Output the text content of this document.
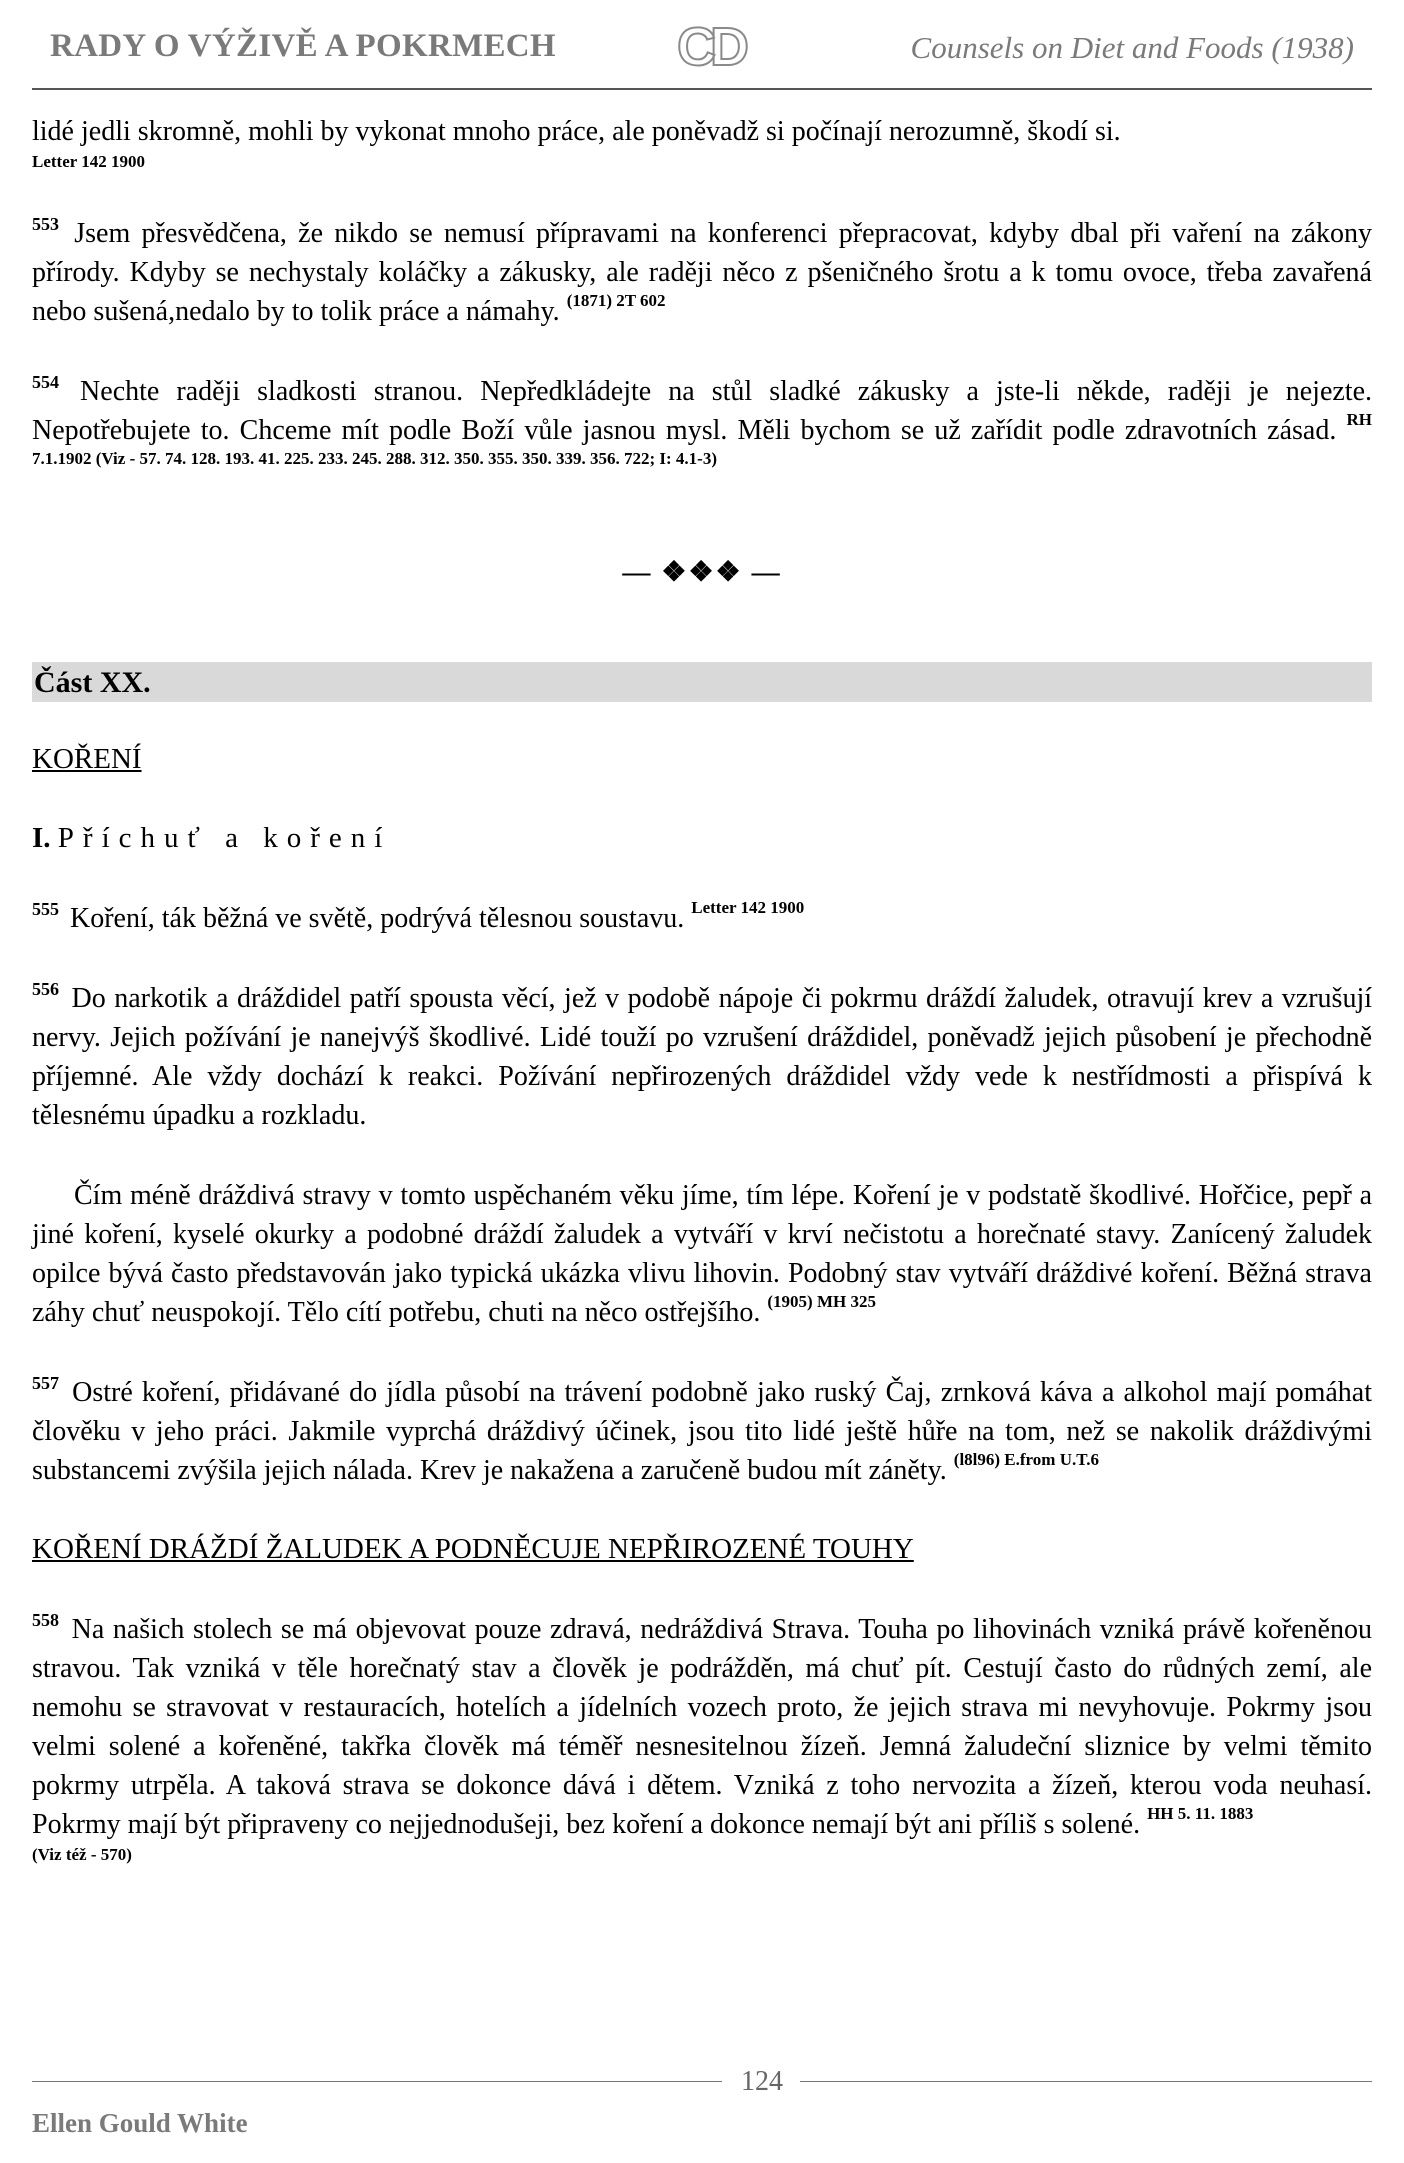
RADY O VÝŽIVĚ A POKRMECH CD	Counsels on Diet and Foods (1938)

lidé jedli skromně, mohli by vykonat mnoho práce, ale poněvadž si počínají nerozumně, škodí si.
Letter 142 1900

$^{553}$ Jsem přesvědčena, že nikdo se nemusí přípravami na konferenci přepracovat, kdyby dbal při vaření na zákony přírody. Kdyby se nechystaly koláčky a zákusky, ale raději něco z pšeničného šrotu a k tomu ovoce, třeba zavařená nebo sušená,nedalo by to tolik práce a námahy. $^{(1871) 2T 602}$

$^{554}$ Nechte raději sladkosti stranou. Nepředkládejte na stůl sladké zákusky a jste-li někde, raději je nejezte. Nepotřebujete to. Chceme mít podle Boží vůle jasnou mysl. Měli bychom se už zařídit podle zdravotních zásad. $^{RH 7.1.1902 (Viz - 57. 74. 128. 193. 41. 225. 233. 245. 288. 312. 350. 355. 350. 339. 356. 722; I: 4.1-3)}$

— ❖❖❖ —
Část XX.
KOŘENÍ
I. Příchuť a koření

$^{555}$ Koření, ták běžná ve světě, podrývá tělesnou soustavu. $^{Letter 142 1900}$

$^{556}$ Do narkotik a dráždidel patří spousta věcí, jež v podobě nápoje či pokrmu dráždí žaludek, otravují krev a vzrušují nervy. Jejich požívání je nanejvýš škodlivé. Lidé touží po vzrušení dráždidel, poněvadž jejich působení je přechodně příjemné. Ale vždy dochází k reakci. Požívání nepřirozených dráždidel vždy vede k nestřídmosti a přispívá k tělesnému úpadku a rozkladu.

Čím méně dráždivá stravy v tomto uspěchaném věku jíme, tím lépe. Koření je v podstatě škodlivé. Hořčice, pepř a jiné koření, kyselé okurky a podobné dráždí žaludek a vytváří v krví nečistotu a horečnaté stavy. Zanícený žaludek opilce bývá často představován jako typická ukázka vlivu lihovin. Podobný stav vytváří dráždivé koření. Běžná strava záhy chuť neuspokojí. Tělo cítí potřebu, chuti na něco ostřejšího. $^{(1905) MH 325}$

$^{557}$ Ostré koření, přidávané do jídla působí na trávení podobně jako ruský Čaj, zrnková káva a alkohol mají pomáhat člověku v jeho práci. Jakmile vyprchá dráždivý účinek, jsou tito lidé ještě hůře na tom, než se nakolik dráždivými substancemi zvýšila jejich nálada. Krev je nakažena a zaručeně budou mít záněty. $^{(l8l96) E.from U.T.6}$

KOŘENÍ DRÁŽDÍ ŽALUDEK A PODNĚCUJE NEPŘIROZENÉ TOUHY

$^{558}$ Na našich stolech se má objevovat pouze zdravá, nedráždivá Strava. Touha po lihovinách vzniká právě kořeněnou stravou. Tak vzniká v těle horečnatý stav a člověk je podrážděn, má chuť pít. Cestují často do růdných zemí, ale nemohu se stravovat v restauracích, hotelích a jídelních vozech proto, že jejich strava mi nevyhovuje. Pokrmy jsou velmi solené a kořeněné, takřka člověk má téměř nesnesitelnou žízeň. Jemná žaludeční sliznice by velmi těmito pokrmy utrpěla. A taková strava se dokonce dává i dětem. Vzniká z toho nervozita a žízeň, kterou voda neuhasí. Pokrmy mají být připraveny co nejjednodušeji, bez koření a dokonce nemají být ani příliš s solené. $^{HH 5. 11. 1883}$
(Viz též - 570)

124
Ellen Gould White
